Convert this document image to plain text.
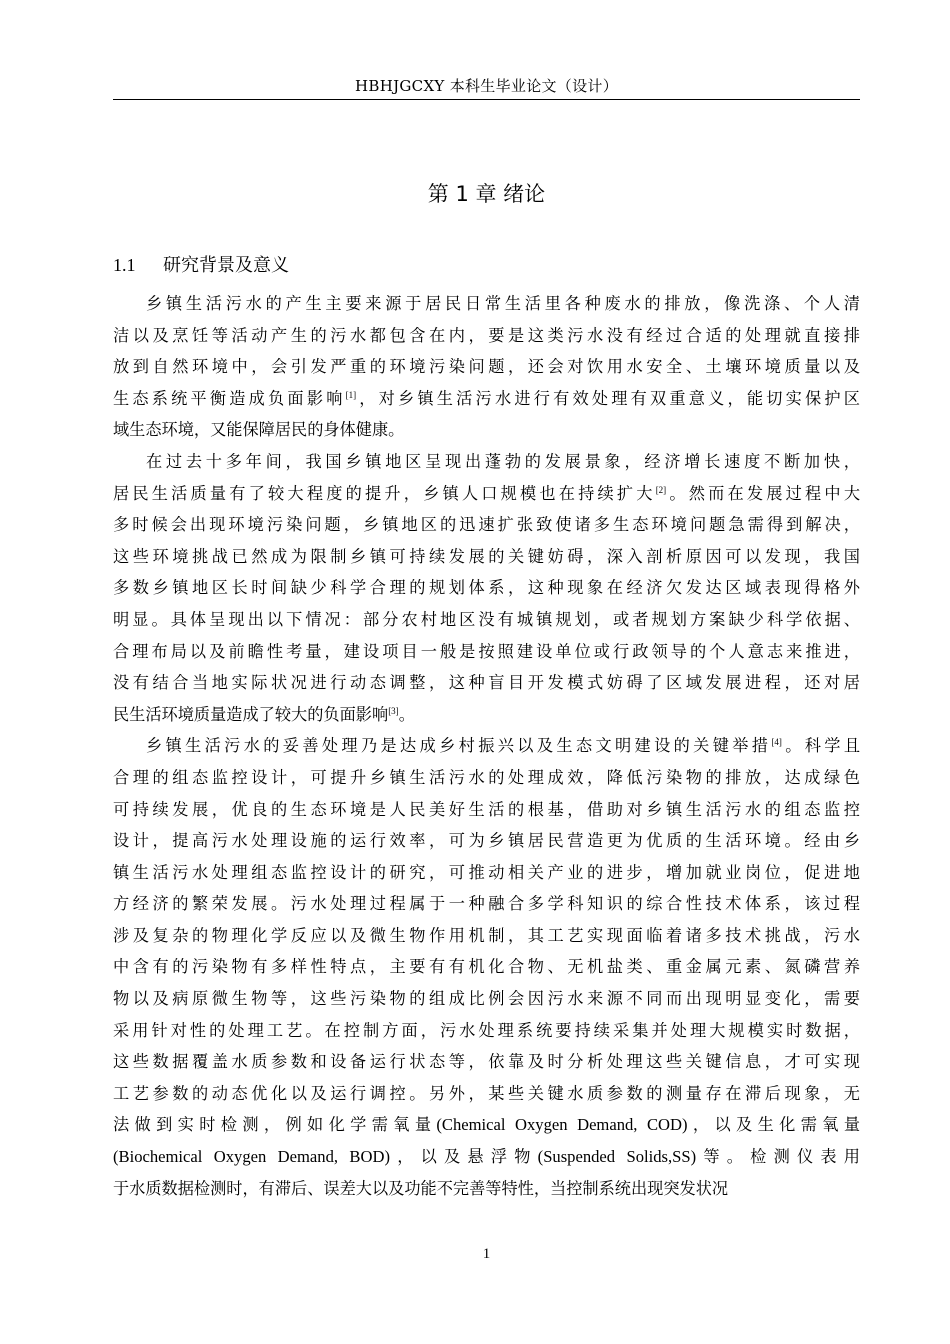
HBHJGCXY 本科生毕业论文（设计）
第 1 章 绪论
1.1 研究背景及意义

乡镇生活污水的产生主要来源于居民日常生活里各种废水的排放，像洗涤、个人清
洁以及烹饪等活动产生的污水都包含在内，要是这类污水没有经过合适的处理就直接排
放到自然环境中，会引发严重的环境污染问题，还会对饮用水安全、土壤环境质量以及
生态系统平衡造成负面影响[1]，对乡镇生活污水进行有效处理有双重意义，能切实保护区
域生态环境，又能保障居民的身体健康。

在过去十多年间，我国乡镇地区呈现出蓬勃的发展景象，经济增长速度不断加快，
居民生活质量有了较大程度的提升，乡镇人口规模也在持续扩大[2]。然而在发展过程中大
多时候会出现环境污染问题，乡镇地区的迅速扩张致使诸多生态环境问题急需得到解决，
这些环境挑战已然成为限制乡镇可持续发展的关键妨碍，深入剖析原因可以发现，我国
多数乡镇地区长时间缺少科学合理的规划体系，这种现象在经济欠发达区域表现得格外
明显。具体呈现出以下情况：部分农村地区没有城镇规划，或者规划方案缺少科学依据、
合理布局以及前瞻性考量，建设项目一般是按照建设单位或行政领导的个人意志来推进，
没有结合当地实际状况进行动态调整，这种盲目开发模式妨碍了区域发展进程，还对居
民生活环境质量造成了较大的负面影响[3]。

乡镇生活污水的妥善处理乃是达成乡村振兴以及生态文明建设的关键举措[4]。科学且
合理的组态监控设计，可提升乡镇生活污水的处理成效，降低污染物的排放，达成绿色
可持续发展，优良的生态环境是人民美好生活的根基，借助对乡镇生活污水的组态监控
设计，提高污水处理设施的运行效率，可为乡镇居民营造更为优质的生活环境。经由乡
镇生活污水处理组态监控设计的研究，可推动相关产业的进步，增加就业岗位，促进地
方经济的繁荣发展。污水处理过程属于一种融合多学科知识的综合性技术体系，该过程
涉及复杂的物理化学反应以及微生物作用机制，其工艺实现面临着诸多技术挑战，污水
中含有的污染物有多样性特点，主要有有机化合物、无机盐类、重金属元素、氮磷营养
物以及病原微生物等，这些污染物的组成比例会因污水来源不同而出现明显变化，需要
采用针对性的处理工艺。在控制方面，污水处理系统要持续采集并处理大规模实时数据，
这些数据覆盖水质参数和设备运行状态等，依靠及时分析处理这些关键信息，才可实现
工艺参数的动态优化以及运行调控。另外，某些关键水质参数的测量存在滞后现象，无
法做到实时检测，例如化学需氧量(Chemical Oxygen Demand, COD)，以及生化需氧量
(Biochemical Oxygen Demand, BOD)，以及悬浮物(Suspended Solids,SS)等。检测仪表用
于水质数据检测时，有滞后、误差大以及功能不完善等特性，当控制系统出现突发状况

1
